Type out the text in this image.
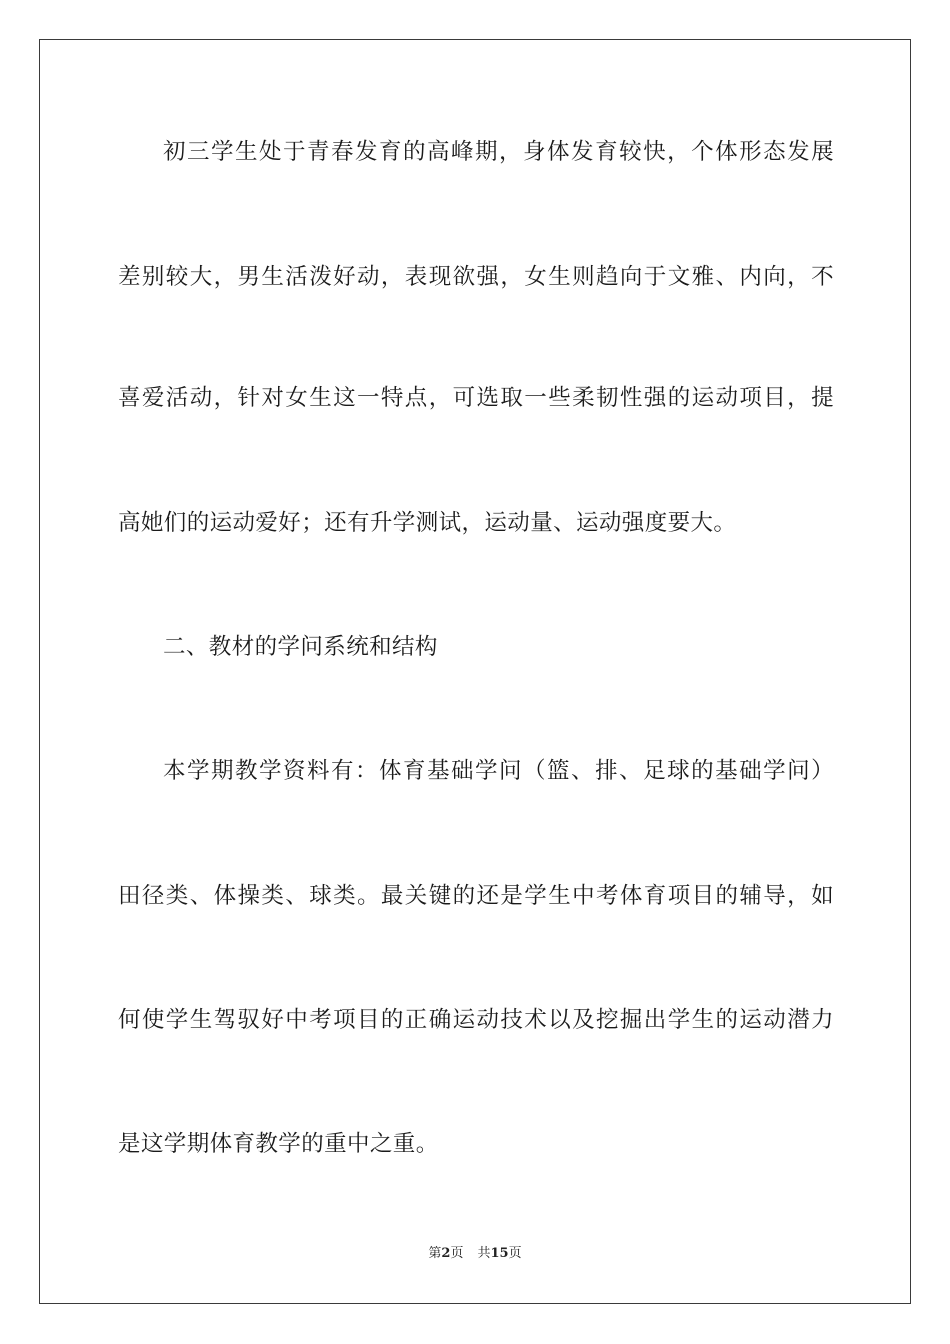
初三学生处于青春发育的高峰期，身体发育较快，个体形态发展
差别较大，男生活泼好动，表现欲强，女生则趋向于文雅、内向，不
喜爱活动，针对女生这一特点，可选取一些柔韧性强的运动项目，提
高她们的运动爱好；还有升学测试，运动量、运动强度要大。
二、教材的学问系统和结构
本学期教学资料有：体育基础学问（篮、排、足球的基础学问）
田径类、体操类、球类。最关键的还是学生中考体育项目的辅导，如
何使学生驾驭好中考项目的正确运动技术以及挖掘出学生的运动潜力
是这学期体育教学的重中之重。
第2页 共15页
